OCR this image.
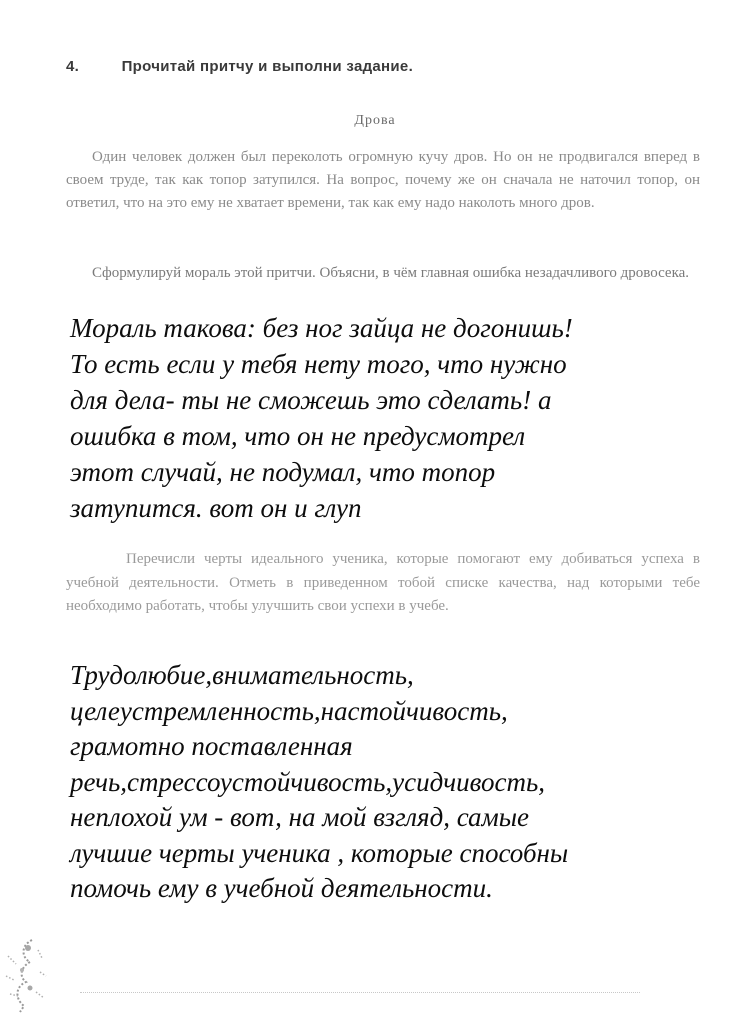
4.	Прочитай притчу и выполни задание.
Дрова

Один человек должен был переколоть огромную кучу дров. Но он не продвигался вперед в своем труде, так как топор затупился. На вопрос, почему же он сначала не наточил топор, он ответил, что на это ему не хватает времени, так как ему надо наколоть много дров.

Сформулируй мораль этой притчи. Объясни, в чём главная ошибка незадачливого дровосека.

Мораль такова: без ног зайца не догонишь!
То есть если у тебя нету того, что нужно
для дела- ты не сможешь это сделать! а
ошибка в том, что он не предусмотрел
этот случай, не подумал, что топор
затупится. вот он и глуп

Перечисли черты идеального ученика, которые помогают ему добиваться успеха в учебной деятельности. Отметь в приведенном тобой списке качества, над которыми тебе необходимо работать, чтобы улучшить свои успехи в учебе.

Трудолюбие,внимательность,
целеустремленность,настойчивость,
грамотно поставленная
речь,стрессоустойчивость,усидчивость,
неплохой ум - вот, на мой взгляд, самые
лучшие черты ученика , которые способны
помочь ему в учебной деятельности.
